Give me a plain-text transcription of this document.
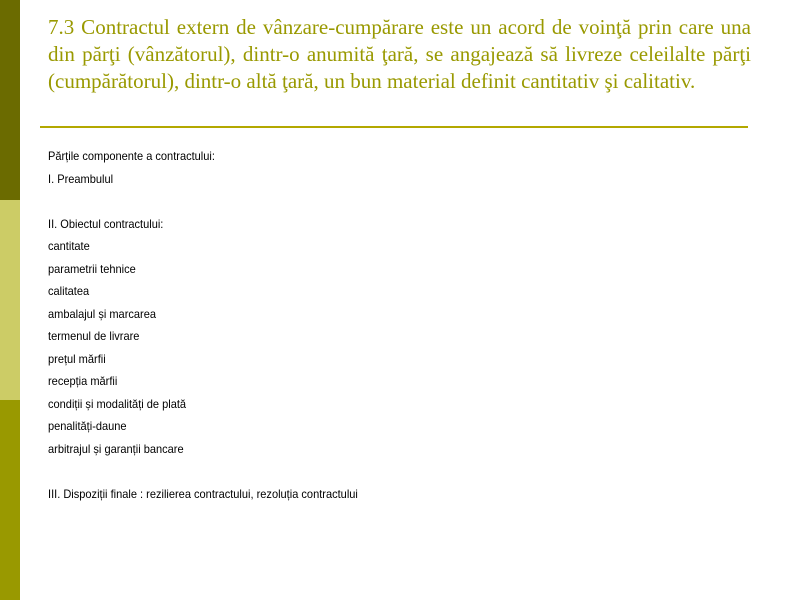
7.3 Contractul extern de vânzare-cumpărare este un acord de voinţă prin care una din părţi (vânzătorul), dintr-o anumită ţară, se angajează să livreze celeilalte părţi (cumpărătorul), dintr-o altă ţară, un bun material definit cantitativ şi calitativ.
Părțile componente a contractului:
I. Preambulul
II. Obiectul contractului:
cantitate
parametrii tehnice
calitatea
ambalajul și marcarea
termenul de livrare
prețul mărfii
recepția mărfii
condiții și modalități de plată
penalități-daune
arbitrajul și garanții bancare
III. Dispoziții finale : rezilierea contractului, rezoluția contractului
